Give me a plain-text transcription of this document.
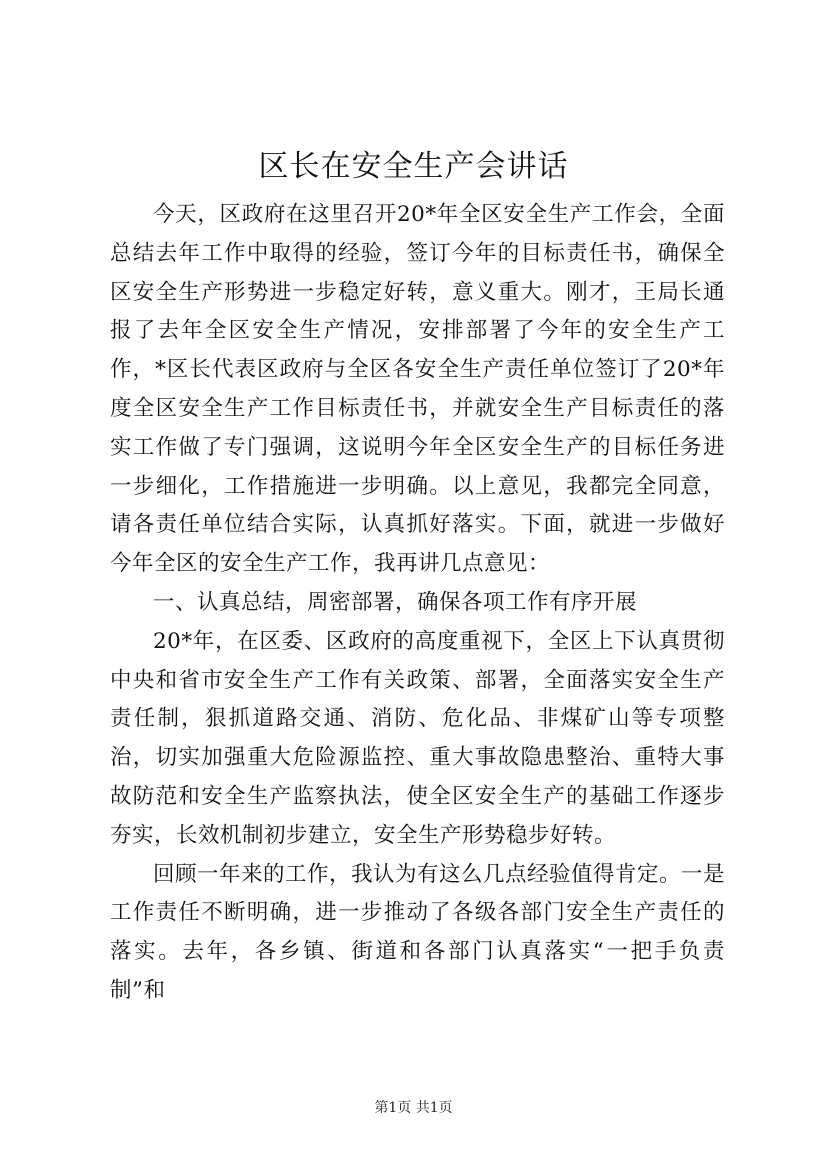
区长在安全生产会讲话

今天，区政府在这里召开20*年全区安全生产工作会，全面总结去年工作中取得的经验，签订今年的目标责任书，确保全区安全生产形势进一步稳定好转，意义重大。刚才，王局长通报了去年全区安全生产情况，安排部署了今年的安全生产工作，*区长代表区政府与全区各安全生产责任单位签订了20*年度全区安全生产工作目标责任书，并就安全生产目标责任的落实工作做了专门强调，这说明今年全区安全生产的目标任务进一步细化，工作措施进一步明确。以上意见，我都完全同意，请各责任单位结合实际，认真抓好落实。下面，就进一步做好今年全区的安全生产工作，我再讲几点意见：

一、认真总结，周密部署，确保各项工作有序开展

20*年，在区委、区政府的高度重视下，全区上下认真贯彻中央和省市安全生产工作有关政策、部署，全面落实安全生产责任制，狠抓道路交通、消防、危化品、非煤矿山等专项整治，切实加强重大危险源监控、重大事故隐患整治、重特大事故防范和安全生产监察执法，使全区安全生产的基础工作逐步夯实，长效机制初步建立，安全生产形势稳步好转。

回顾一年来的工作，我认为有这么几点经验值得肯定。一是工作责任不断明确，进一步推动了各级各部门安全生产责任的落实。去年，各乡镇、街道和各部门认真落实“一把手负责制”和

第1页 共1页
